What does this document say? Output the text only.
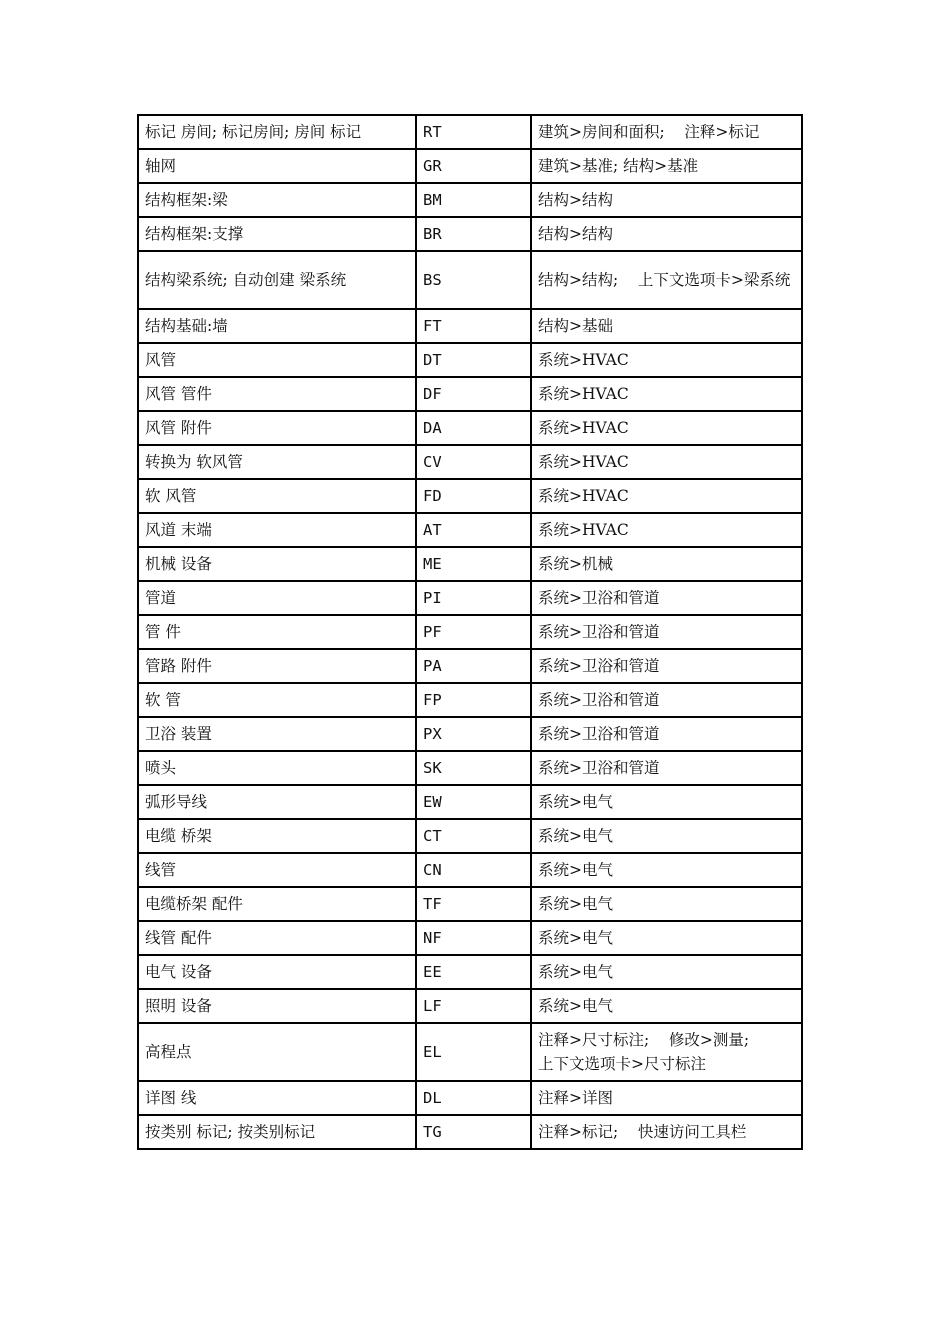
标记 房间; 标记房间; 房间 标记	RT	建筑>房间和面积;    注释>标记
轴网	GR	建筑>基准; 结构>基准
结构框架:梁	BM	结构>结构
结构框架:支撑	BR	结构>结构
结构梁系统; 自动创建 梁系统	BS	结构>结构;    上下文选项卡>梁系统
结构基础:墙	FT	结构>基础
风管	DT	系统>HVAC
风管 管件	DF	系统>HVAC
风管 附件	DA	系统>HVAC
转换为 软风管	CV	系统>HVAC
软 风管	FD	系统>HVAC
风道 末端	AT	系统>HVAC
机械 设备	ME	系统>机械
管道	PI	系统>卫浴和管道
管 件	PF	系统>卫浴和管道
管路 附件	PA	系统>卫浴和管道
软 管	FP	系统>卫浴和管道
卫浴 装置	PX	系统>卫浴和管道
喷头	SK	系统>卫浴和管道
弧形导线	EW	系统>电气
电缆 桥架	CT	系统>电气
线管	CN	系统>电气
电缆桥架 配件	TF	系统>电气
线管 配件	NF	系统>电气
电气 设备	EE	系统>电气
照明 设备	LF	系统>电气
高程点	EL	注释>尺寸标注;    修改>测量;
上下文选项卡>尺寸标注
详图 线	DL	注释>详图
按类别 标记; 按类别标记	TG	注释>标记;    快速访问工具栏
